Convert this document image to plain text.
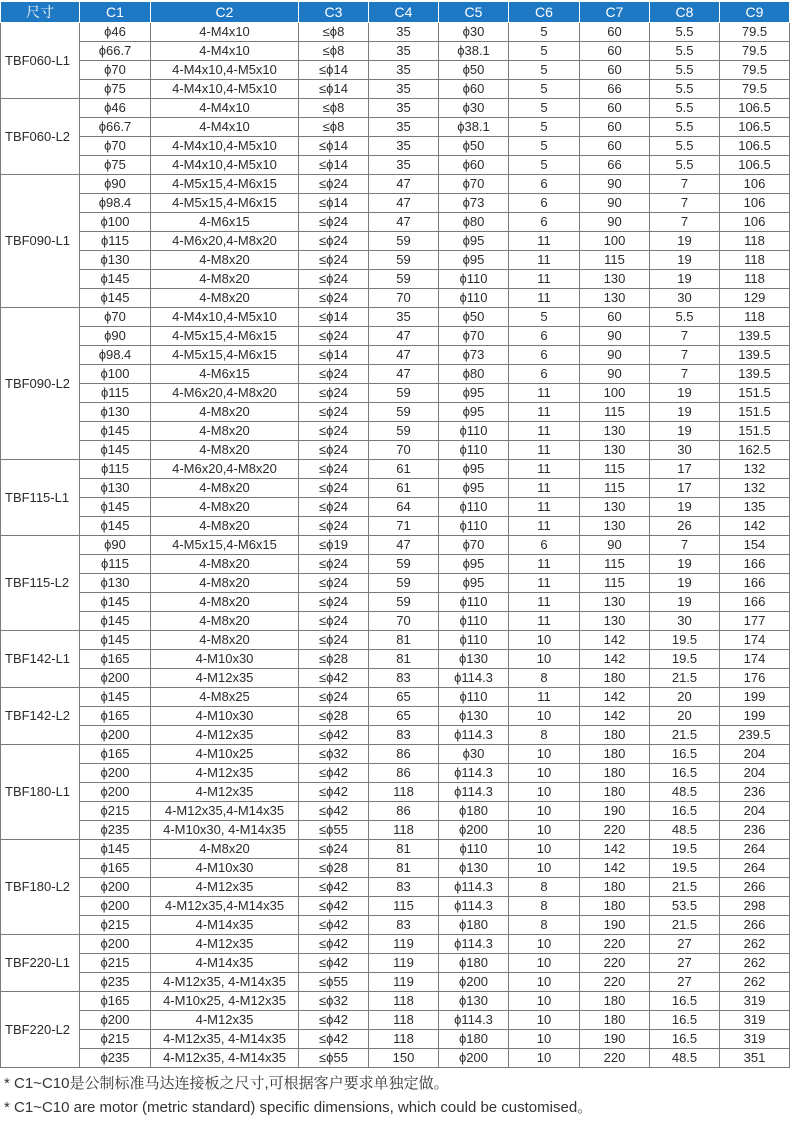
尺寸	C1	C2	C3	C4	C5	C6	C7	C8	C9
TBF060-L1	ϕ46	4-M4x10	≤ϕ8	35	ϕ30	5	60	5.5	79.5
	ϕ66.7	4-M4x10	≤ϕ8	35	ϕ38.1	5	60	5.5	79.5
	ϕ70	4-M4x10,4-M5x10	≤ϕ14	35	ϕ50	5	60	5.5	79.5
	ϕ75	4-M4x10,4-M5x10	≤ϕ14	35	ϕ60	5	66	5.5	79.5
TBF060-L2	ϕ46	4-M4x10	≤ϕ8	35	ϕ30	5	60	5.5	106.5
	ϕ66.7	4-M4x10	≤ϕ8	35	ϕ38.1	5	60	5.5	106.5
	ϕ70	4-M4x10,4-M5x10	≤ϕ14	35	ϕ50	5	60	5.5	106.5
	ϕ75	4-M4x10,4-M5x10	≤ϕ14	35	ϕ60	5	66	5.5	106.5
TBF090-L1	ϕ90	4-M5x15,4-M6x15	≤ϕ24	47	ϕ70	6	90	7	106
	ϕ98.4	4-M5x15,4-M6x15	≤ϕ14	47	ϕ73	6	90	7	106
	ϕ100	4-M6x15	≤ϕ24	47	ϕ80	6	90	7	106
	ϕ115	4-M6x20,4-M8x20	≤ϕ24	59	ϕ95	11	100	19	118
	ϕ130	4-M8x20	≤ϕ24	59	ϕ95	11	115	19	118
	ϕ145	4-M8x20	≤ϕ24	59	ϕ110	11	130	19	118
	ϕ145	4-M8x20	≤ϕ24	70	ϕ110	11	130	30	129
TBF090-L2	ϕ70	4-M4x10,4-M5x10	≤ϕ14	35	ϕ50	5	60	5.5	118
	ϕ90	4-M5x15,4-M6x15	≤ϕ24	47	ϕ70	6	90	7	139.5
	ϕ98.4	4-M5x15,4-M6x15	≤ϕ14	47	ϕ73	6	90	7	139.5
	ϕ100	4-M6x15	≤ϕ24	47	ϕ80	6	90	7	139.5
	ϕ115	4-M6x20,4-M8x20	≤ϕ24	59	ϕ95	11	100	19	151.5
	ϕ130	4-M8x20	≤ϕ24	59	ϕ95	11	115	19	151.5
	ϕ145	4-M8x20	≤ϕ24	59	ϕ110	11	130	19	151.5
	ϕ145	4-M8x20	≤ϕ24	70	ϕ110	11	130	30	162.5
TBF115-L1	ϕ115	4-M6x20,4-M8x20	≤ϕ24	61	ϕ95	11	115	17	132
	ϕ130	4-M8x20	≤ϕ24	61	ϕ95	11	115	17	132
	ϕ145	4-M8x20	≤ϕ24	64	ϕ110	11	130	19	135
	ϕ145	4-M8x20	≤ϕ24	71	ϕ110	11	130	26	142
TBF115-L2	ϕ90	4-M5x15,4-M6x15	≤ϕ19	47	ϕ70	6	90	7	154
	ϕ115	4-M8x20	≤ϕ24	59	ϕ95	11	115	19	166
	ϕ130	4-M8x20	≤ϕ24	59	ϕ95	11	115	19	166
	ϕ145	4-M8x20	≤ϕ24	59	ϕ110	11	130	19	166
	ϕ145	4-M8x20	≤ϕ24	70	ϕ110	11	130	30	177
TBF142-L1	ϕ145	4-M8x20	≤ϕ24	81	ϕ110	10	142	19.5	174
	ϕ165	4-M10x30	≤ϕ28	81	ϕ130	10	142	19.5	174
	ϕ200	4-M12x35	≤ϕ42	83	ϕ114.3	8	180	21.5	176
TBF142-L2	ϕ145	4-M8x25	≤ϕ24	65	ϕ110	11	142	20	199
	ϕ165	4-M10x30	≤ϕ28	65	ϕ130	10	142	20	199
	ϕ200	4-M12x35	≤ϕ42	83	ϕ114.3	8	180	21.5	239.5
TBF180-L1	ϕ165	4-M10x25	≤ϕ32	86	ϕ30	10	180	16.5	204
	ϕ200	4-M12x35	≤ϕ42	86	ϕ114.3	10	180	16.5	204
	ϕ200	4-M12x35	≤ϕ42	118	ϕ114.3	10	180	48.5	236
	ϕ215	4-M12x35,4-M14x35	≤ϕ42	86	ϕ180	10	190	16.5	204
	ϕ235	4-M10x30, 4-M14x35	≤ϕ55	118	ϕ200	10	220	48.5	236
TBF180-L2	ϕ145	4-M8x20	≤ϕ24	81	ϕ110	10	142	19.5	264
	ϕ165	4-M10x30	≤ϕ28	81	ϕ130	10	142	19.5	264
	ϕ200	4-M12x35	≤ϕ42	83	ϕ114.3	8	180	21.5	266
	ϕ200	4-M12x35,4-M14x35	≤ϕ42	115	ϕ114.3	8	180	53.5	298
	ϕ215	4-M14x35	≤ϕ42	83	ϕ180	8	190	21.5	266
TBF220-L1	ϕ200	4-M12x35	≤ϕ42	119	ϕ114.3	10	220	27	262
	ϕ215	4-M14x35	≤ϕ42	119	ϕ180	10	220	27	262
	ϕ235	4-M12x35, 4-M14x35	≤ϕ55	119	ϕ200	10	220	27	262
TBF220-L2	ϕ165	4-M10x25, 4-M12x35	≤ϕ32	118	ϕ130	10	180	16.5	319
	ϕ200	4-M12x35	≤ϕ42	118	ϕ114.3	10	180	16.5	319
	ϕ215	4-M12x35, 4-M14x35	≤ϕ42	118	ϕ180	10	190	16.5	319
	ϕ235	4-M12x35, 4-M14x35	≤ϕ55	150	ϕ200	10	220	48.5	351
* C1~C10是公制标准马达连接板之尺寸,可根据客户要求单独定做。
* C1~C10 are motor (metric standard) specific dimensions, which could be customised。
